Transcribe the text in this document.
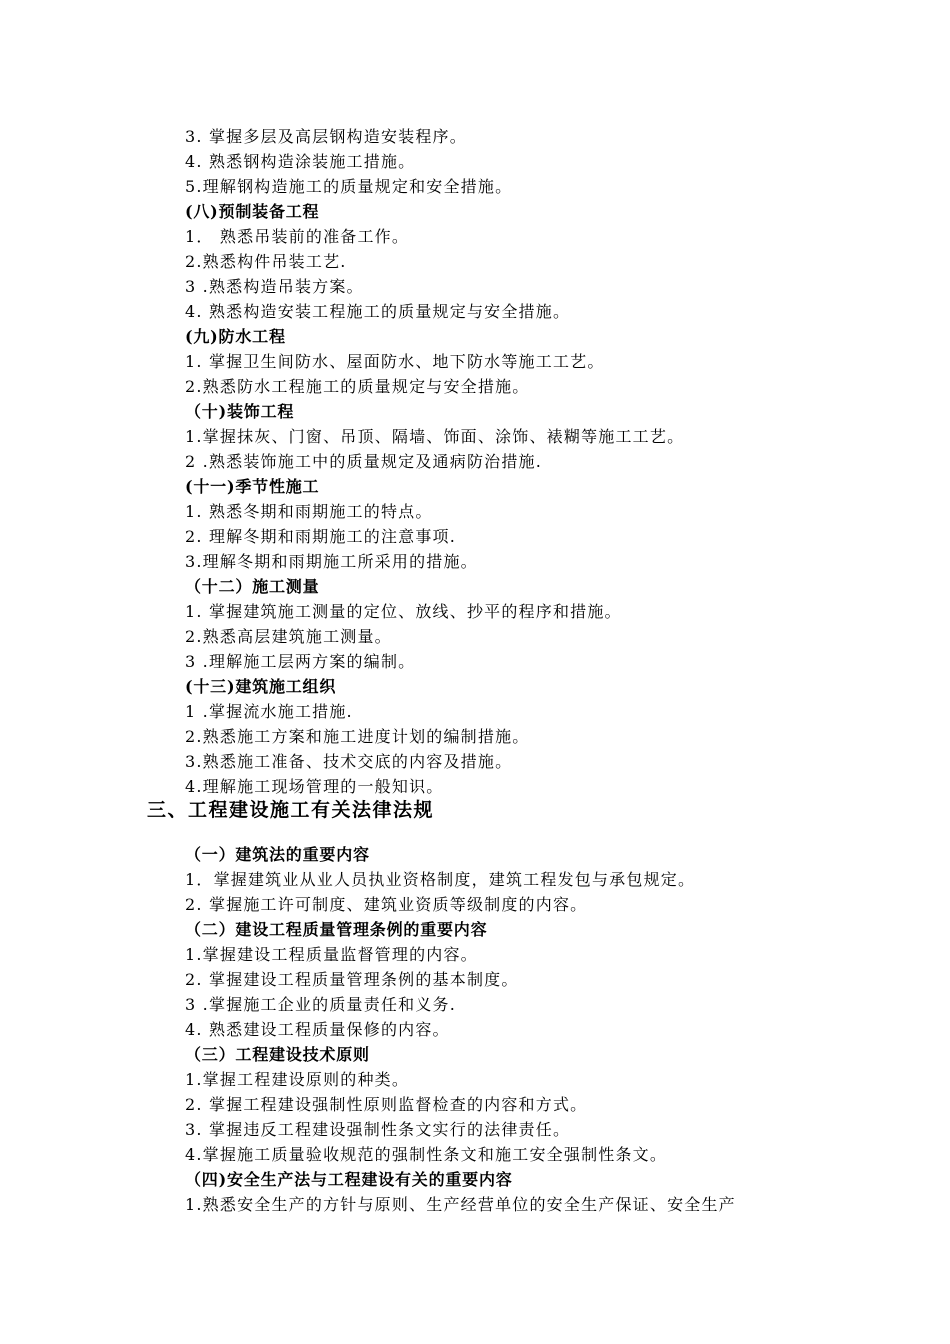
3. 掌握多层及高层钢构造安装程序。
4. 熟悉钢构造涂装施工措施。
5.理解钢构造施工的质量规定和安全措施。
(八)预制装备工程
1． 熟悉吊装前的准备工作。
2.熟悉构件吊装工艺.
3 .熟悉构造吊装方案。
4. 熟悉构造安装工程施工的质量规定与安全措施。
(九)防水工程
1. 掌握卫生间防水、屋面防水、地下防水等施工工艺。
2.熟悉防水工程施工的质量规定与安全措施。
（十)装饰工程
1.掌握抹灰、门窗、吊顶、隔墙、饰面、涂饰、裱糊等施工工艺。
2 .熟悉装饰施工中的质量规定及通病防治措施.
(十一)季节性施工
1. 熟悉冬期和雨期施工的特点。
2. 理解冬期和雨期施工的注意事项.
3.理解冬期和雨期施工所采用的措施。
（十二）施工测量
1. 掌握建筑施工测量的定位、放线、抄平的程序和措施。
2.熟悉高层建筑施工测量。
3 .理解施工层两方案的编制。
(十三)建筑施工组织
1 .掌握流水施工措施.
2.熟悉施工方案和施工进度计划的编制措施。
3.熟悉施工准备、技术交底的内容及措施。
4.理解施工现场管理的一般知识。
三、工程建设施工有关法律法规
（一）建筑法的重要内容
1．掌握建筑业从业人员执业资格制度，建筑工程发包与承包规定。
2. 掌握施工许可制度、建筑业资质等级制度的内容。
（二）建设工程质量管理条例的重要内容
1.掌握建设工程质量监督管理的内容。
2. 掌握建设工程质量管理条例的基本制度。
3 .掌握施工企业的质量责任和义务.
4. 熟悉建设工程质量保修的内容。
（三）工程建设技术原则
1.掌握工程建设原则的种类。
2. 掌握工程建设强制性原则监督检查的内容和方式。
3. 掌握违反工程建设强制性条文实行的法律责任。
4.掌握施工质量验收规范的强制性条文和施工安全强制性条文。
（四)安全生产法与工程建设有关的重要内容
1.熟悉安全生产的方针与原则、生产经营单位的安全生产保证、安全生产
